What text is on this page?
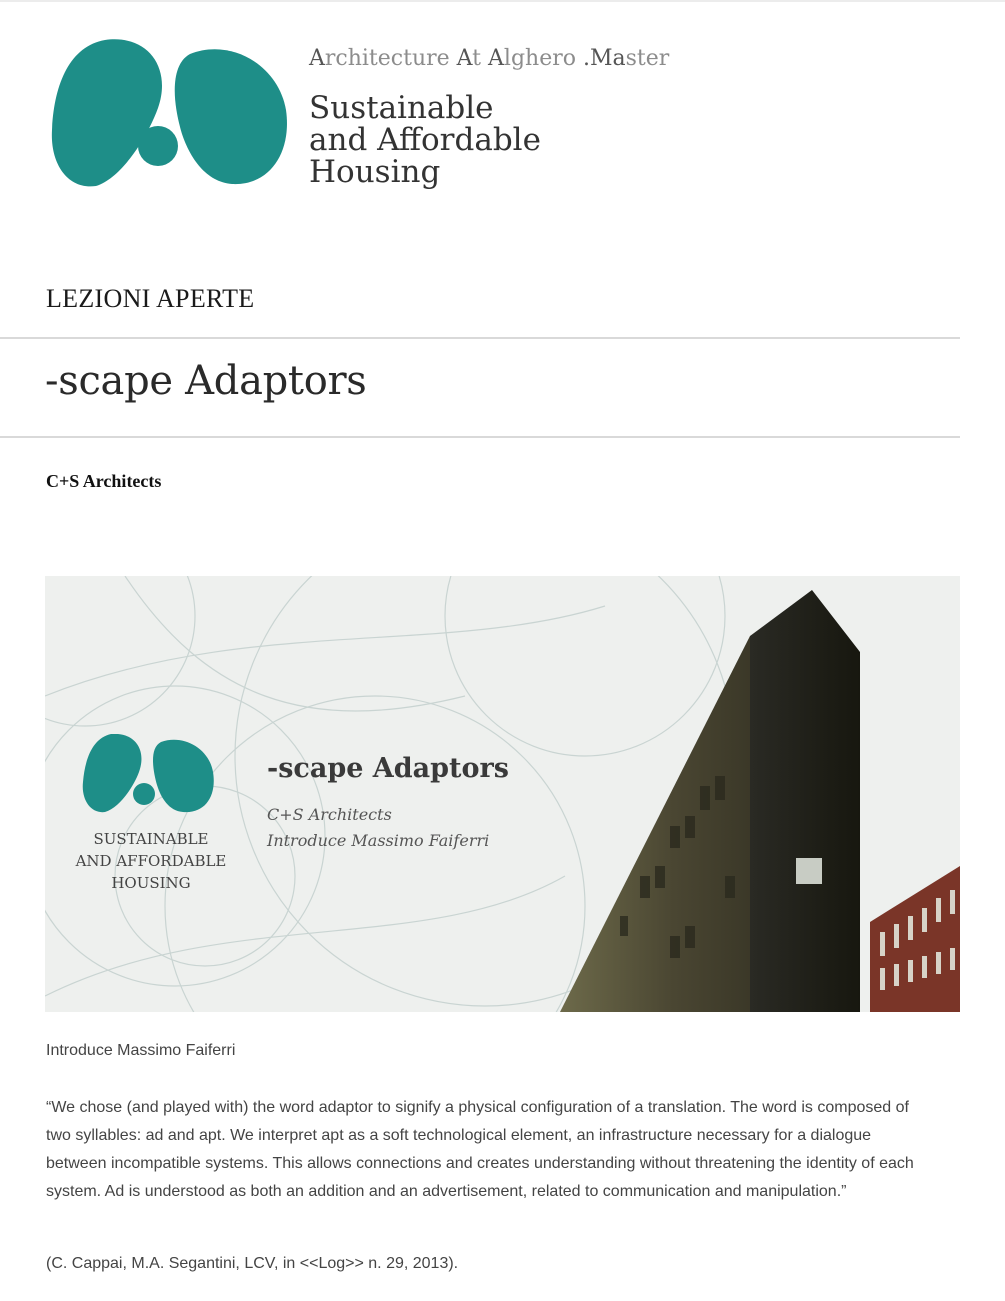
Architecture At Alghero .Master
Sustainable
and Affordable
Housing
LEZIONI APERTE
-scape Adaptors
C+S Architects
SUSTAINABLE
AND AFFORDABLE
HOUSING
-scape Adaptors
C+S Architects
Introduce Massimo Faiferri
Introduce Massimo Faiferri

“We chose (and played with) the word adaptor to signify a physical configuration of a translation. The word is composed of two syllables: ad and apt. We interpret apt as a soft technological element, an infrastructure necessary for a dialogue between incompatible systems. This allows connections and creates understanding without threatening the identity of each system. Ad is understood as both an addition and an advertisement, related to communication and manipulation.”

(C. Cappai, M.A. Segantini, LCV, in <<Log>> n. 29, 2013).
